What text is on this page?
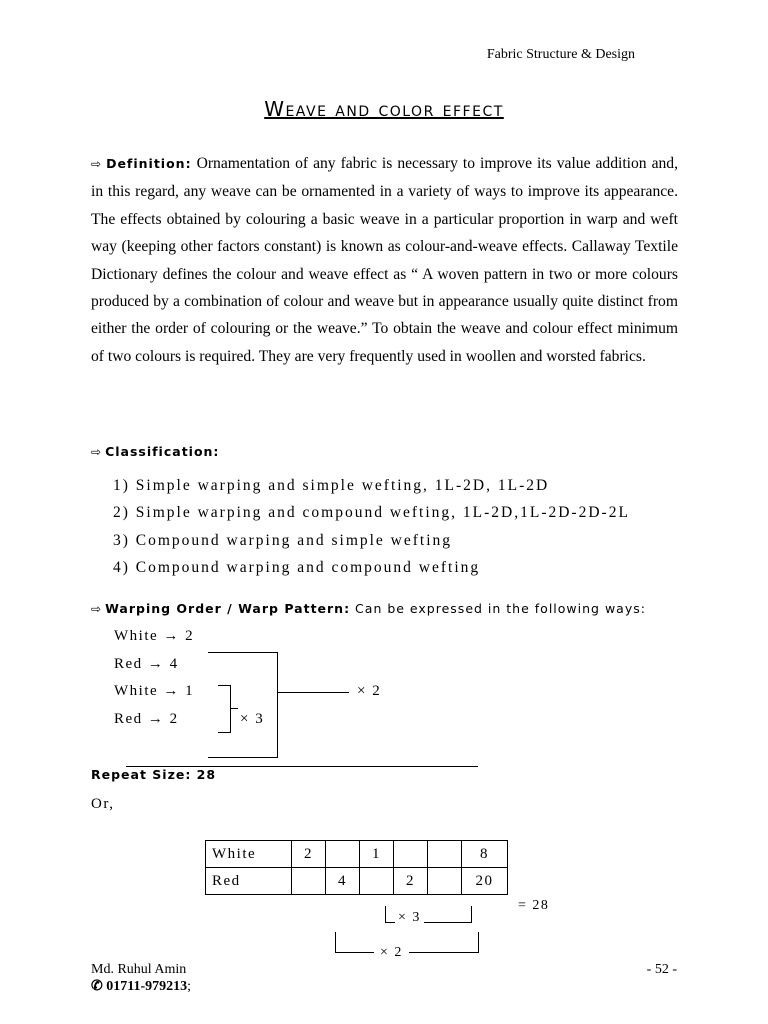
Fabric Structure & Design
Weave and color effect
⇨ Definition: Ornamentation of any fabric is necessary to improve its value addition and, in this regard, any weave can be ornamented in a variety of ways to improve its appearance. The effects obtained by colouring a basic weave in a particular proportion in warp and weft way (keeping other factors constant) is known as colour-and-weave effects. Callaway Textile Dictionary defines the colour and weave effect as “ A woven pattern in two or more colours produced by a combination of colour and weave but in appearance usually quite distinct from either the order of colouring or the weave.” To obtain the weave and colour effect minimum of two colours is required. They are very frequently used in woollen and worsted fabrics.
⇨ Classification:
1) Simple warping and simple wefting, 1L-2D, 1L-2D
2) Simple warping and compound wefting, 1L-2D,1L-2D-2D-2L
3) Compound warping and simple wefting
4) Compound warping and compound wefting
⇨ Warping Order / Warp Pattern: Can be expressed in the following ways:
White → 2
Red → 4
White → 1
Red → 2	× 3
× 2
Repeat Size: 28
Or,
White	2		1			8
Red		4		2		20
= 28
× 3
× 2
Md. Ruhul Amin
✆ 01711-979213;
- 52 -
